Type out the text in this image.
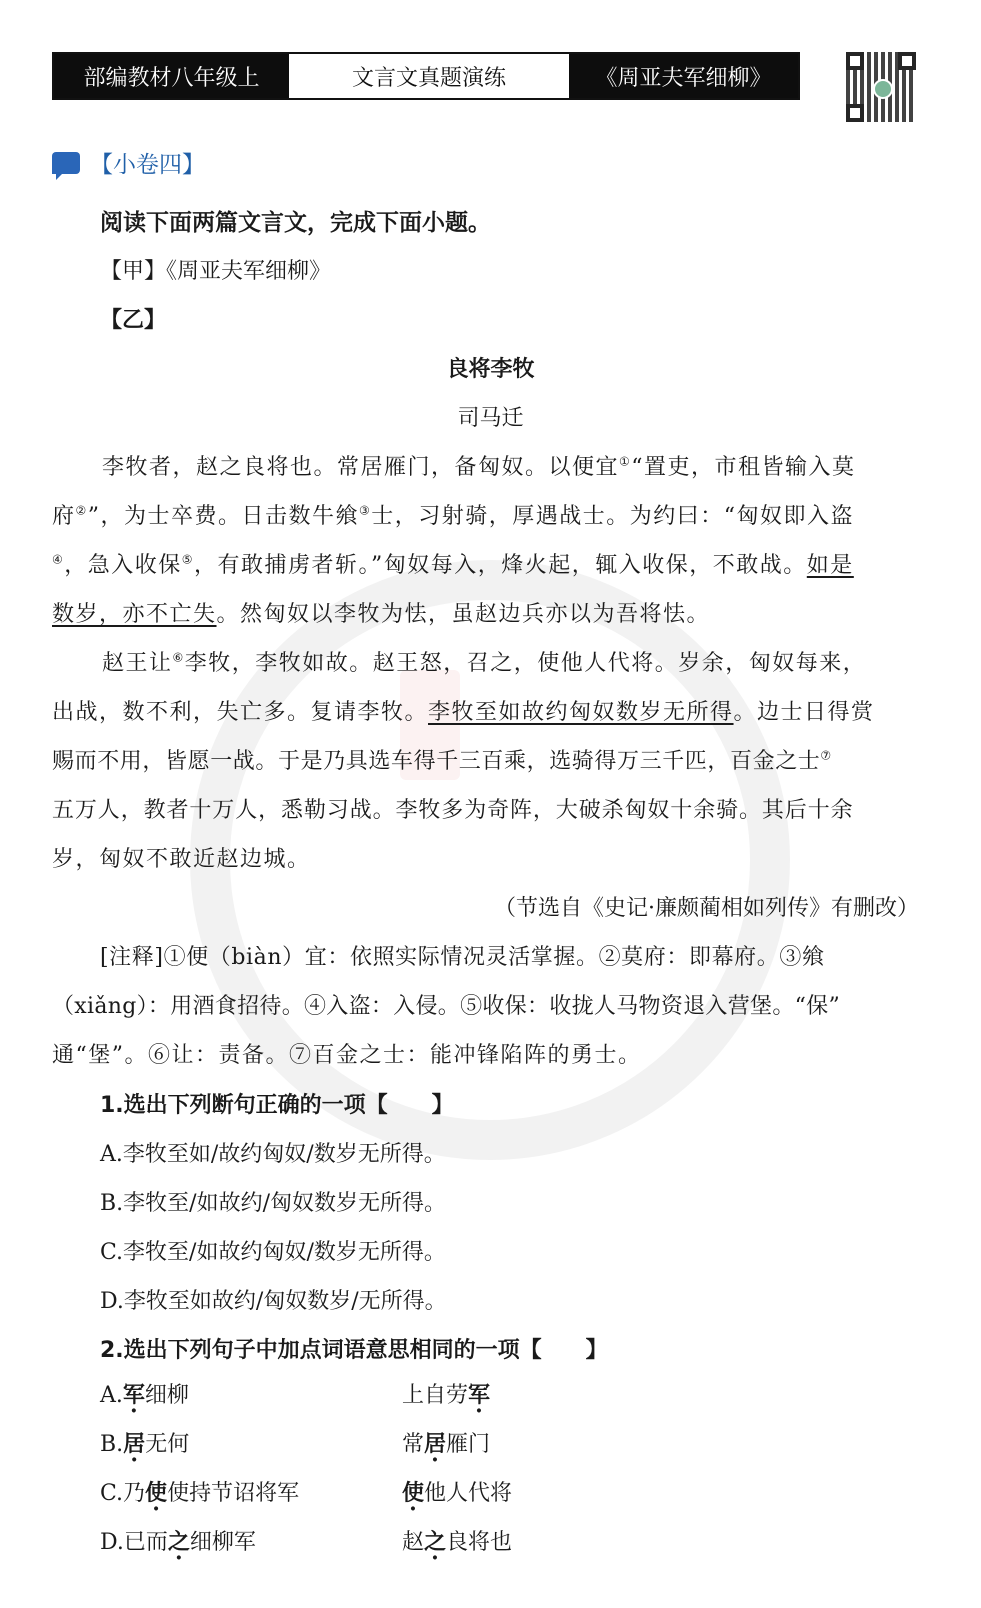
部编教材八年级上	文言文真题演练	《周亚夫军细柳》
【小卷四】
阅读下面两篇文言文，完成下面小题。
【甲】《周亚夫军细柳》
【乙】
良将李牧
司马迁
李牧者，赵之良将也。常居雁门，备匈奴。以便宜①“置吏，市租皆输入莫
府②”，为士卒费。日击数牛飨③士，习射骑，厚遇战士。为约曰：“匈奴即入盗
④，急入收保⑤，有敢捕虏者斩。”匈奴每入，烽火起，辄入收保，不敢战。如是
数岁，亦不亡失。然匈奴以李牧为怯，虽赵边兵亦以为吾将怯。
赵王让⑥李牧，李牧如故。赵王怒，召之，使他人代将。岁余，匈奴每来，
出战，数不利，失亡多。复请李牧。李牧至如故约匈奴数岁无所得。边士日得赏
赐而不用，皆愿一战。于是乃具选车得千三百乘，选骑得万三千匹，百金之士⑦
五万人，教者十万人，悉勒习战。李牧多为奇阵，大破杀匈奴十余骑。其后十余
岁，匈奴不敢近赵边城。
（节选自《史记·廉颇蔺相如列传》有删改）
[注释]①便（biàn）宜：依照实际情况灵活掌握。②莫府：即幕府。③飨
（xiǎng）：用酒食招待。④入盗：入侵。⑤收保：收拢人马物资退入营堡。“保”
通“堡”。⑥让：责备。⑦百金之士：能冲锋陷阵的勇士。
1.选出下列断句正确的一项【　　】
A.李牧至如/故约匈奴/数岁无所得。
B.李牧至/如故约/匈奴数岁无所得。
C.李牧至/如故约匈奴/数岁无所得。
D.李牧至如故约/匈奴数岁/无所得。
2.选出下列句子中加点词语意思相同的一项【　　】
A.军细柳	上自劳军
B.居无何	常居雁门
C.乃使使持节诏将军	使他人代将
D.已而之细柳军	赵之良将也
